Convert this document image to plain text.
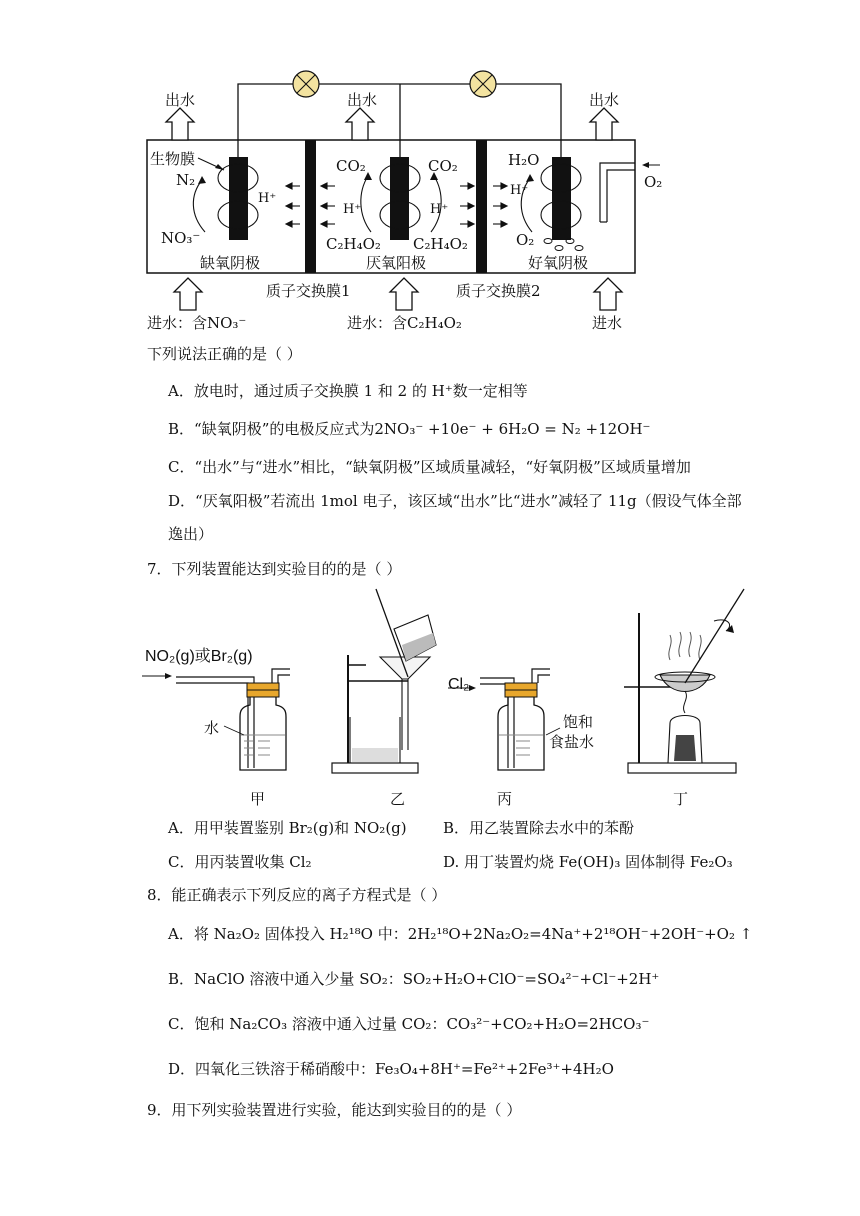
出水	出水	出水
生物膜
N₂
NO₃⁻
H⁺
缺氧阴极
CO₂	CO₂
H⁺	H⁺
C₂H₄O₂ C₂H₄O₂
厌氧阳极
H₂O
H⁺
O₂
好氧阴极
O₂
质子交换膜1	质子交换膜2
进水：含NO₃⁻	进水：含C₂H₄O₂	进水
下列说法正确的是（ ）
A．放电时，通过质子交换膜 1 和 2 的 H⁺数一定相等
B．“缺氧阴极”的电极反应式为2NO₃⁻ +10e⁻ + 6H₂O = N₂ +12OH⁻
C．“出水”与“进水”相比，“缺氧阴极”区域质量减轻，“好氧阴极”区域质量增加
D．“厌氧阳极”若流出 1mol 电子，该区域“出水”比“进水”减轻了 11g（假设气体全部
逸出）
7．下列装置能达到实验目的的是（ ）
NO₂(g)或Br₂(g)
水
Cl₂
饱和
食盐水
甲	乙	丙	丁
A．用甲装置鉴别 Br₂(g)和 NO₂(g) B．用乙装置除去水中的苯酚
C．用丙装置收集 Cl₂	D. 用丁装置灼烧 Fe(OH)₃ 固体制得 Fe₂O₃
8．能正确表示下列反应的离子方程式是（ ）
A．将 Na₂O₂ 固体投入 H₂¹⁸O 中：2H₂¹⁸O+2Na₂O₂=4Na⁺+2¹⁸OH⁻+2OH⁻+O₂ ↑
B．NaClO 溶液中通入少量 SO₂：SO₂+H₂O+ClO⁻=SO₄²⁻+Cl⁻+2H⁺
C．饱和 Na₂CO₃ 溶液中通入过量 CO₂：CO₃²⁻+CO₂+H₂O=2HCO₃⁻
D．四氧化三铁溶于稀硝酸中：Fe₃O₄+8H⁺=Fe²⁺+2Fe³⁺+4H₂O
9．用下列实验装置进行实验，能达到实验目的的是（ ）
